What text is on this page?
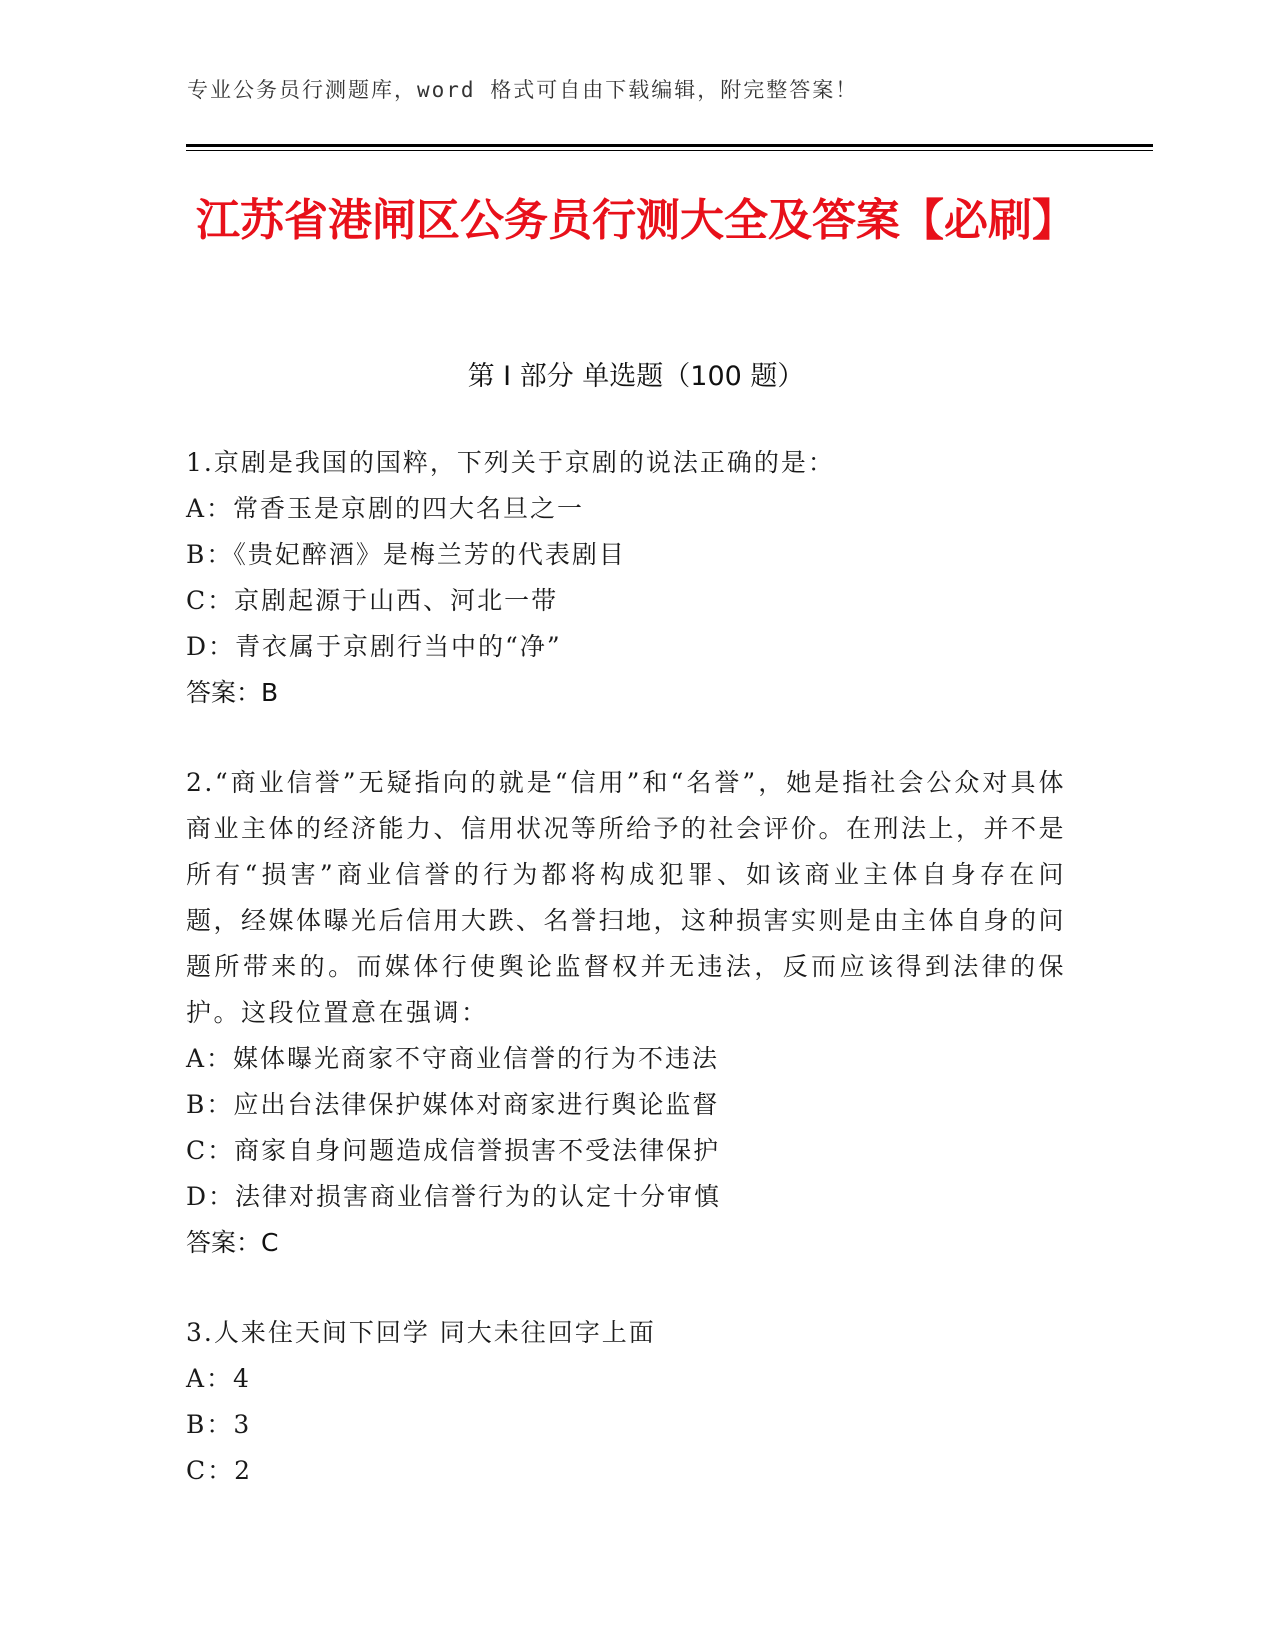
专业公务员行测题库，word 格式可自由下载编辑，附完整答案！
江苏省港闸区公务员行测大全及答案【必刷】
第 I 部分 单选题（100 题）
1.京剧是我国的国粹，下列关于京剧的说法正确的是：
A：常香玉是京剧的四大名旦之一
B：《贵妃醉酒》是梅兰芳的代表剧目
C：京剧起源于山西、河北一带
D：青衣属于京剧行当中的“净”
答案：B
2.“商业信誉”无疑指向的就是“信用”和“名誉”，她是指社会公众对具体商业主体的经济能力、信用状况等所给予的社会评价。在刑法上，并不是所有“损害”商业信誉的行为都将构成犯罪、如该商业主体自身存在问题，经媒体曝光后信用大跌、名誉扫地，这种损害实则是由主体自身的问题所带来的。而媒体行使舆论监督权并无违法，反而应该得到法律的保护。这段位置意在强调：
A：媒体曝光商家不守商业信誉的行为不违法
B：应出台法律保护媒体对商家进行舆论监督
C：商家自身问题造成信誉损害不受法律保护
D：法律对损害商业信誉行为的认定十分审慎
答案：C
3.人来住天间下回学 同大未往回字上面
A：4
B：3
C：2
